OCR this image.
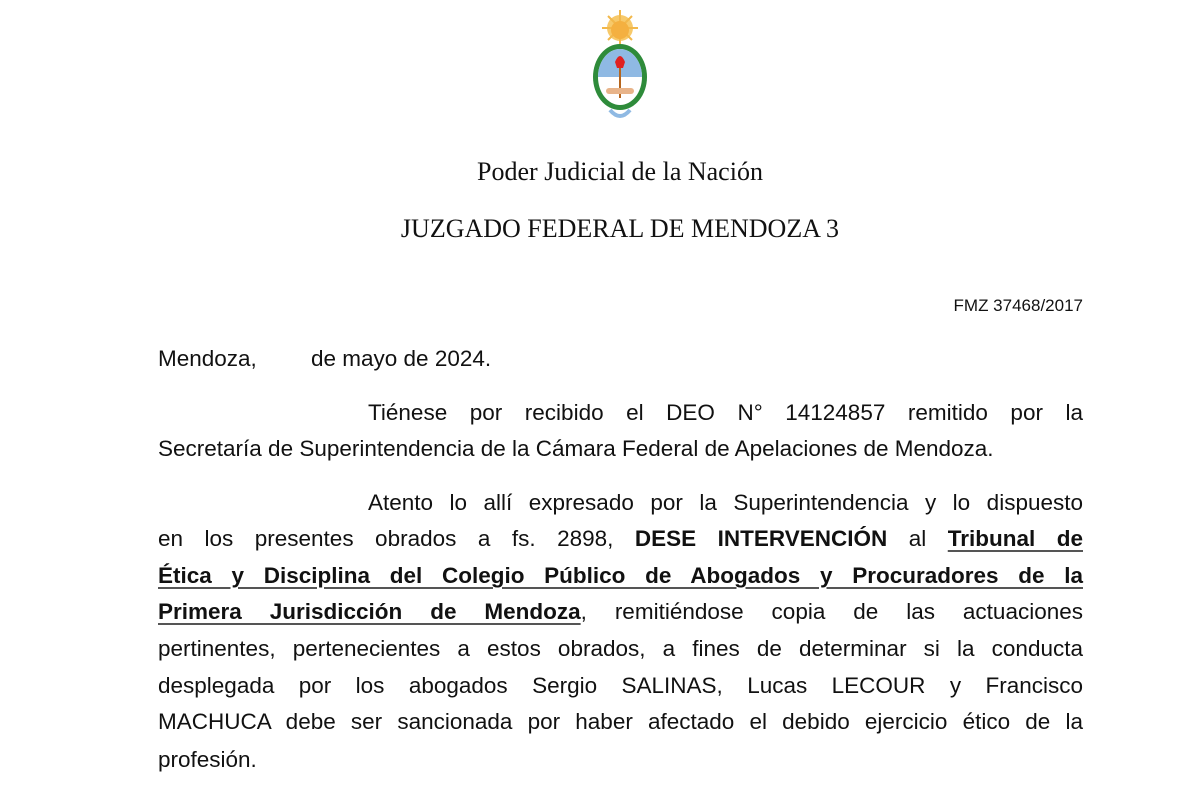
Poder Judicial de la Nación
JUZGADO FEDERAL DE MENDOZA 3
FMZ 37468/2017
Mendoza, de mayo de 2024.
Tiénese por recibido el DEO N° 14124857 remitido por la
Secretaría de Superintendencia de la Cámara Federal de Apelaciones de Mendoza.
Atento lo allí expresado por la Superintendencia y lo dispuesto
en los presentes obrados a fs. 2898, DESE INTERVENCIÓN al Tribunal de
Ética y Disciplina del Colegio Público de Abogados y Procuradores de la
Primera Jurisdicción de Mendoza, remitiéndose copia de las actuaciones
pertinentes, pertenecientes a estos obrados, a fines de determinar si la conducta
desplegada por los abogados Sergio SALINAS, Lucas LECOUR y Francisco
MACHUCA debe ser sancionada por haber afectado el debido ejercicio ético de la
profesión.
